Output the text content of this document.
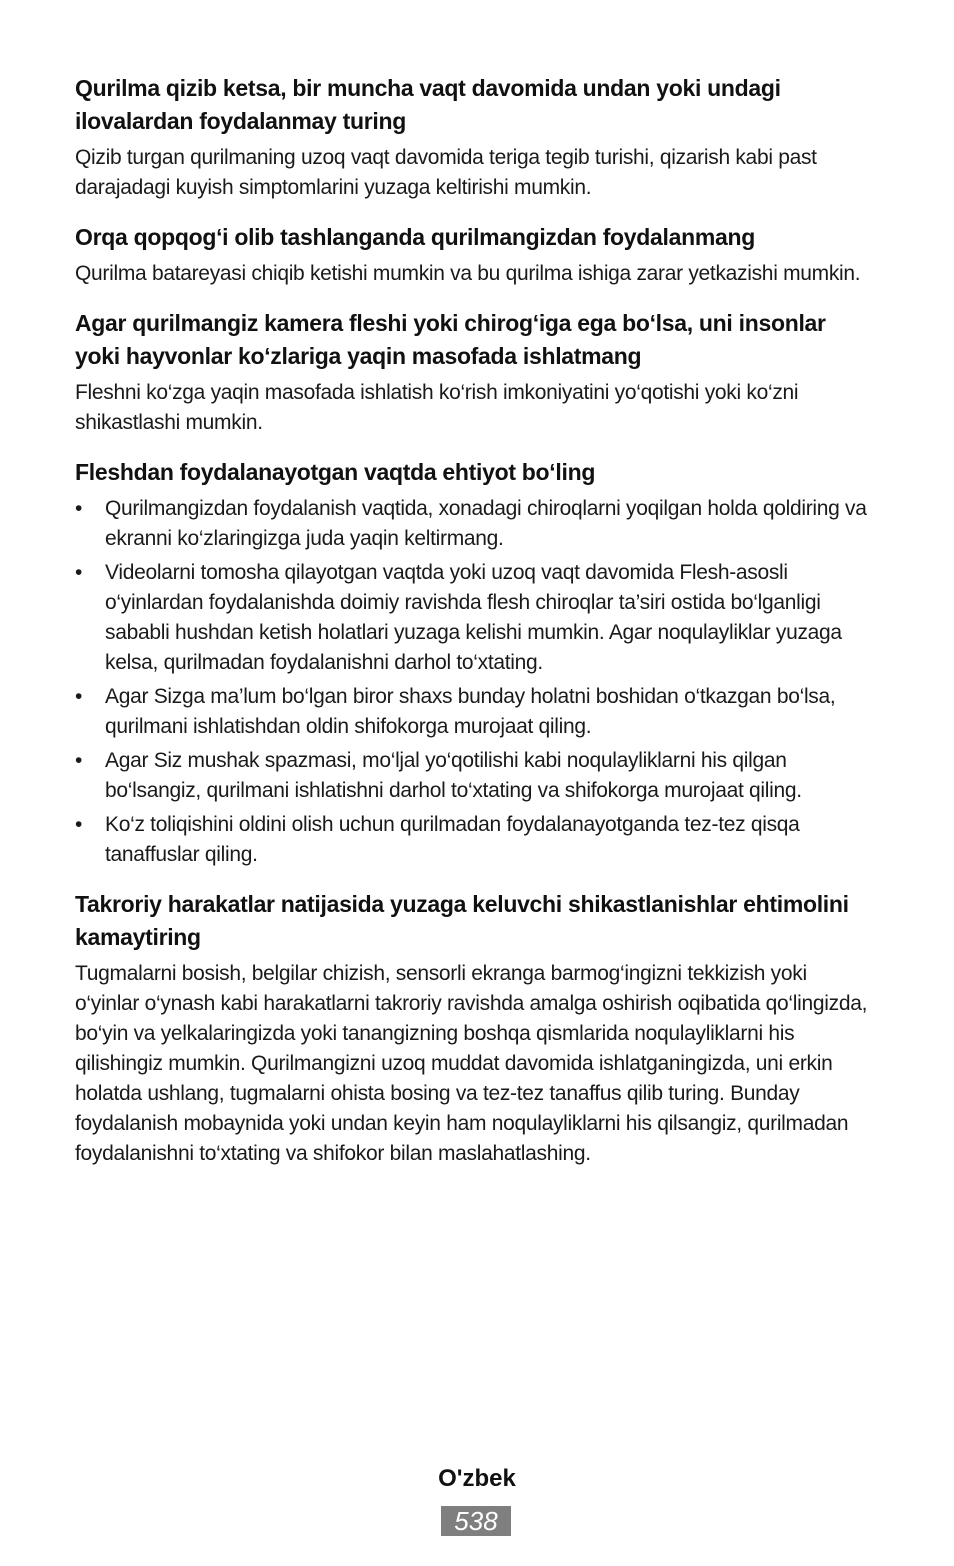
Qurilma qizib ketsa, bir muncha vaqt davomida undan yoki undagi ilovalardan foydalanmay turing

Qizib turgan qurilmaning uzoq vaqt davomida teriga tegib turishi, qizarish kabi past darajadagi kuyish simptomlarini yuzaga keltirishi mumkin.

Orqa qopqog‘i olib tashlanganda qurilmangizdan foydalanmang

Qurilma batareyasi chiqib ketishi mumkin va bu qurilma ishiga zarar yetkazishi mumkin.

Agar qurilmangiz kamera fleshi yoki chirog‘iga ega bo‘lsa, uni insonlar yoki hayvonlar ko‘zlariga yaqin masofada ishlatmang

Fleshni ko‘zga yaqin masofada ishlatish ko‘rish imkoniyatini yo‘qotishi yoki ko‘zni shikastlashi mumkin.

Fleshdan foydalanayotgan vaqtda ehtiyot bo‘ling
•	Qurilmangizdan foydalanish vaqtida, xonadagi chiroqlarni yoqilgan holda qoldiring va ekranni ko‘zlaringizga juda yaqin keltirmang.
•	Videolarni tomosha qilayotgan vaqtda yoki uzoq vaqt davomida Flesh-asosli o‘yinlardan foydalanishda doimiy ravishda flesh chiroqlar ta’siri ostida bo‘lganligi sababli hushdan ketish holatlari yuzaga kelishi mumkin. Agar noqulayliklar yuzaga kelsa, qurilmadan foydalanishni darhol to‘xtating.
•	Agar Sizga ma’lum bo‘lgan biror shaxs bunday holatni boshidan o‘tkazgan bo‘lsa, qurilmani ishlatishdan oldin shifokorga murojaat qiling.
•	Agar Siz mushak spazmasi, mo‘ljal yo‘qotilishi kabi noqulayliklarni his qilgan bo‘lsangiz, qurilmani ishlatishni darhol to‘xtating va shifokorga murojaat qiling.
•	Ko‘z toliqishini oldini olish uchun qurilmadan foydalanayotganda tez-tez qisqa tanaffuslar qiling.
Takroriy harakatlar natijasida yuzaga keluvchi shikastlanishlar ehtimolini kamaytiring

Tugmalarni bosish, belgilar chizish, sensorli ekranga barmog‘ingizni tekkizish yoki o‘yinlar o‘ynash kabi harakatlarni takroriy ravishda amalga oshirish oqibatida qo‘lingizda, bo‘yin va yelkalaringizda yoki tanangizning boshqa qismlarida noqulayliklarni his qilishingiz mumkin. Qurilmangizni uzoq muddat davomida ishlatganingizda, uni erkin holatda ushlang, tugmalarni ohista bosing va tez-tez tanaffus qilib turing. Bunday foydalanish mobaynida yoki undan keyin ham noqulayliklarni his qilsangiz, qurilmadan foydalanishni to‘xtating va shifokor bilan maslahatlashing.

O'zbek
538
